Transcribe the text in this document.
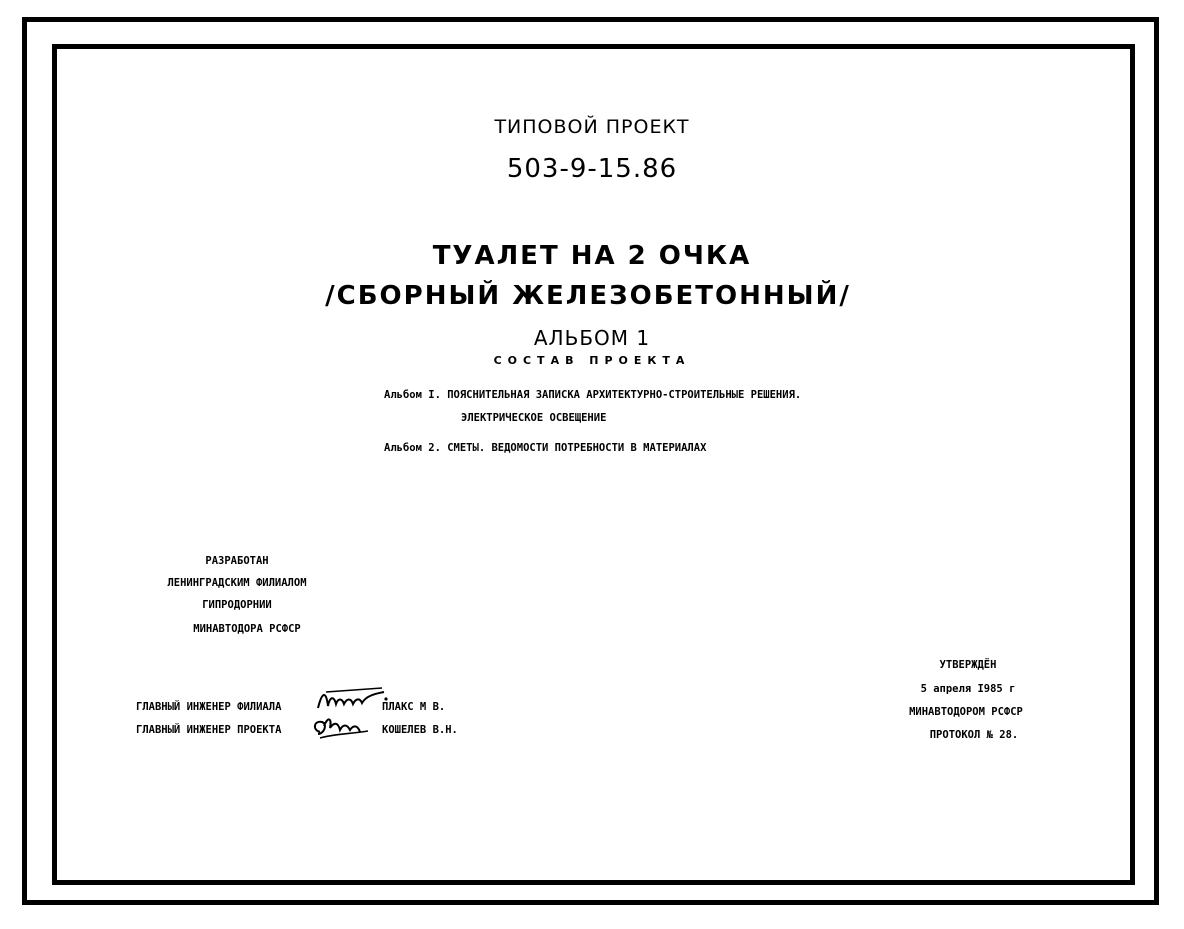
ТИПОВОЙ ПРОЕКТ
503-9-15.86
ТУАЛЕТ НА 2 ОЧКА
/СБОРНЫЙ ЖЕЛЕЗОБЕТОННЫЙ/
АЛЬБОМ 1
СОСТАВ ПРОЕКТА
Альбом I. ПОЯСНИТЕЛЬНАЯ ЗАПИСКА АРХИТЕКТУРНО-СТРОИТЕЛЬНЫЕ РЕШЕНИЯ.
ЭЛЕКТРИЧЕСКОЕ ОСВЕЩЕНИЕ
Альбом 2. СМЕТЫ. ВЕДОМОСТИ ПОТРЕБНОСТИ В МАТЕРИАЛАХ
РАЗРАБОТАН
ЛЕНИНГРАДСКИМ ФИЛИАЛОМ
ГИПРОДОРНИИ
МИНАВТОДОРА РСФСР
ГЛАВНЫЙ ИНЖЕНЕР ФИЛИАЛА	ПЛАКС М В.
ГЛАВНЫЙ ИНЖЕНЕР ПРОЕКТА	КОШЕЛЕВ В.Н.
УТВЕРЖДЁН
5 апреля I985 г
МИНАВТОДОРОМ РСФСР
ПРОТОКОЛ № 28.
